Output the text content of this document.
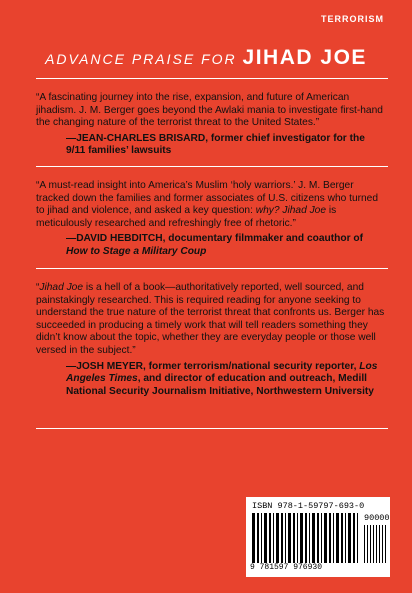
TERRORISM
ADVANCE PRAISE FOR JIHAD JOE

“A fascinating journey into the rise, expansion, and future of American jihadism. J. M. Berger goes beyond the Awlaki mania to investigate first-hand the changing nature of the terrorist threat to the United States.”

—JEAN-CHARLES BRISARD, former chief investigator for the 9/11 families’ lawsuits

“A must-read insight into America’s Muslim ‘holy warriors.’ J. M. Berger tracked down the families and former associates of U.S. citizens who turned to jihad and violence, and asked a key question: why? Jihad Joe is meticulously researched and refreshingly free of rhetoric.”

—DAVID HEBDITCH, documentary filmmaker and coauthor of How to Stage a Military Coup

“Jihad Joe is a hell of a book—authoritatively reported, well sourced, and painstakingly researched. This is required reading for anyone seeking to understand the true nature of the terrorist threat that confronts us. Berger has succeeded in producing a timely work that will tell readers something they didn’t know about the topic, whether they are everyday people or those well versed in the subject.”

—JOSH MEYER, former terrorism/national security reporter, Los Angeles Times, and director of education and outreach, Medill National Security Journalism Initiative, Northwestern University
ISBN 978-1-59797-693-0
90000
9 781597 976930
